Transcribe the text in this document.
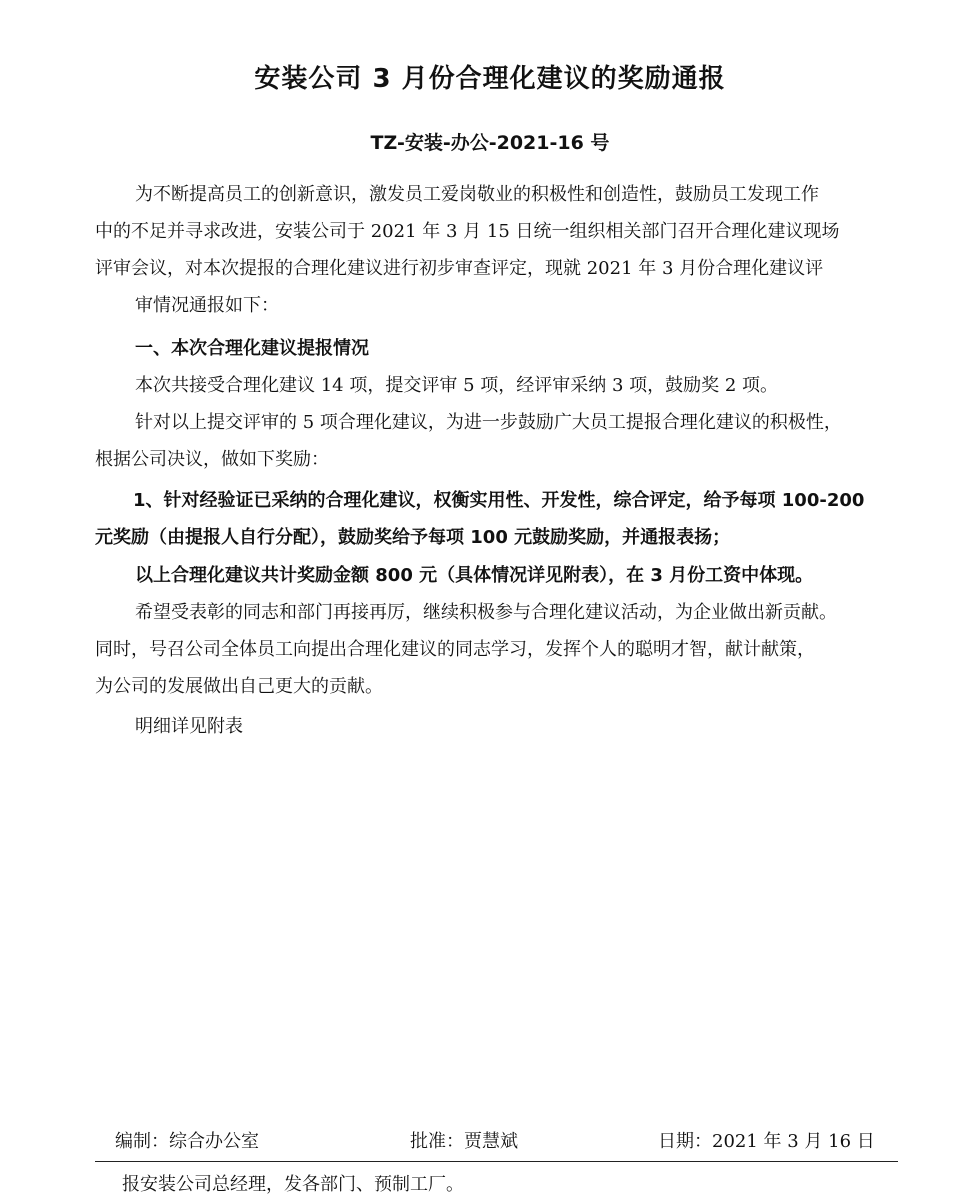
安装公司 3 月份合理化建议的奖励通报
TZ-安装-办公-2021-16 号
为不断提高员工的创新意识，激发员工爱岗敬业的积极性和创造性，鼓励员工发现工作
中的不足并寻求改进，安装公司于 2021 年 3 月 15 日统一组织相关部门召开合理化建议现场
评审会议，对本次提报的合理化建议进行初步审查评定，现就 2021 年 3 月份合理化建议评
审情况通报如下：
一、本次合理化建议提报情况
本次共接受合理化建议 14 项，提交评审 5 项，经评审采纳 3 项，鼓励奖 2 项。
针对以上提交评审的 5 项合理化建议，为进一步鼓励广大员工提报合理化建议的积极性，
根据公司决议，做如下奖励：
1、针对经验证已采纳的合理化建议，权衡实用性、开发性，综合评定，给予每项 100-200
元奖励（由提报人自行分配），鼓励奖给予每项 100 元鼓励奖励，并通报表扬；
以上合理化建议共计奖励金额 800 元（具体情况详见附表），在 3 月份工资中体现。
希望受表彰的同志和部门再接再厉，继续积极参与合理化建议活动，为企业做出新贡献。
同时，号召公司全体员工向提出合理化建议的同志学习，发挥个人的聪明才智，献计献策，
为公司的发展做出自己更大的贡献。
明细详见附表
编制：综合办公室	批准：贾慧斌	日期：2021 年 3 月 16 日
报安装公司总经理，发各部门、预制工厂。
